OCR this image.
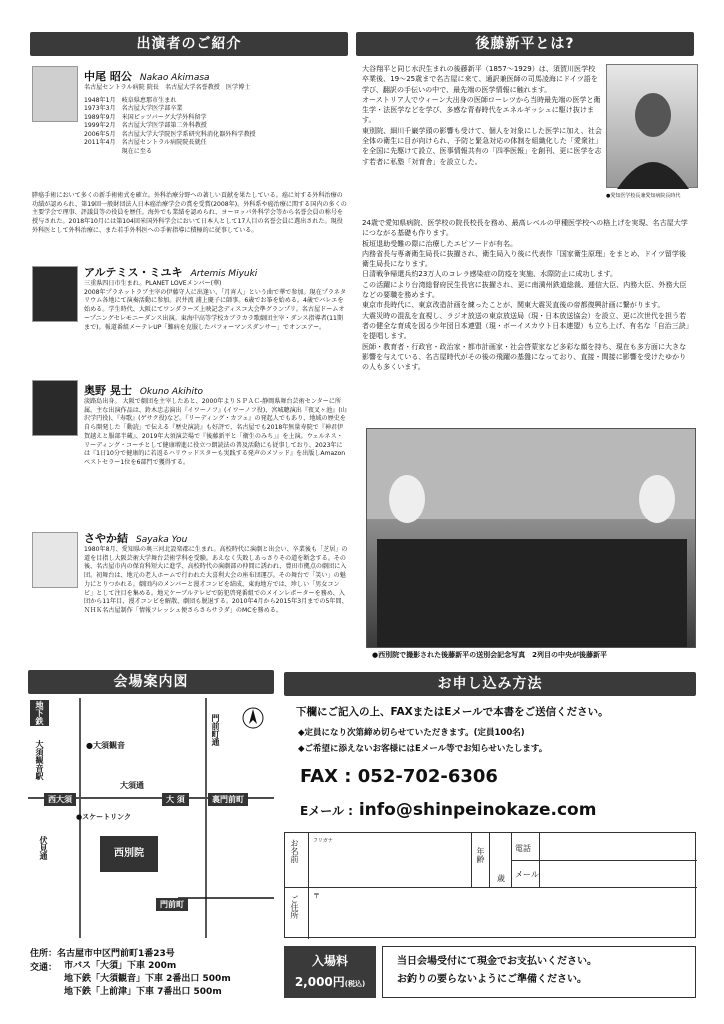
出演者のご紹介	後藤新平とは?
中尾 昭公 Nakao Akimasa
名古屋セントラル病院 院長　名古屋大学名誉教授　医学博士
1948年1月	岐阜県恵那市生まれ
1973年3月	名古屋大学医学部卒業
1989年9月	米国ピッツバーグ大学外科留学
1999年2月	名古屋大学医学部第二外科教授
2006年5月	名古屋大学大学院医学系研究科消化器外科学教授
2011年4月	名古屋セントラル病院院長就任
	現在に至る
膵癌手術において多くの新手術術式を確立。外科治療分野への著しい貢献を果たしている。癌に対する外科治療の功績が認められ、第19回一般財団法人日本癌治療学会の賞を受賞(2008年)。外科系や癌治療に関する国内の多くの主要学会で理事、評議員等の役員を歴任。海外でも業績を認められ、ヨーロッパ外科学会等から名誉会員の称号を授与された。2018年10月には第104回米国外科学会において日本人として17人目の名誉会員に選出された。現役外科医として外科治療に、また若手外科医への手術指導に積極的に従事している。
アルテミス・ミユキ Artemis Miyuki
三重県四日市生まれ。PLANET LOVEメンバー(華)
2008年プラネットラブ主宰の伊藤守人に出逢い、「月宵人」という曲で華で参加。現在プラネタリウム各地にて演奏活動に参加。沢井流 浦上慶子に師事。6歳でお筝を始める。4歳でバレエを始める。学生時代、大阪にてワンダラーズ上映記念ディスコ大会準グランプリ。名古屋ドームオープニングセレモニーダンス出演。東海中高等学校カブラカラ歌劇団主宰・ダンス指導者(11期まで)。報道番組メーテレUP「難病を克服したパフォーマンスダンサー」でオンエアー。
奥野 晃士 Okuno Akihito
淡路島出身。 大阪で劇団を主宰したあと、2000年よりＳＰＡＣ-静岡県舞台芸術センターに所属。主な出演作品は、鈴木忠志演出『イワーノフ』(イワーノフ役)、宮城聰演出『夜叉ヶ池』(山沢学円役)、『寿歌』(ゲサク役)など。『リーディング・カフェ』の発起人でもあり、地域の歴史を自ら開発した「動読」で伝える『歴史演読』も好評で、名古屋でも2018年無量寿院で『神君伊賀越えと服部半蔵』、2019年大須演芸場で『後藤新平と「衛生のみち」』を上演。ウェルネス・リーディング・コーチとして健康増進に役立つ朗読法の普及活動にも従事しており、2023年には『1日10分で健康的に若返るハリウッドスターも実践する発声のメソッド』を出版しAmazonベストセラー1位を6部門で獲得する。
さやか結 Sayaka You
1980年8月、愛知県の奥三河北設楽郡に生まれ。高校時代に演劇と出会い、卒業後も「芝居」の道を目指し大阪芸術大学舞台芸術学科を受験。あえなく失敗しあっさりその道を断念する。その後、名古屋市内の保育科短大に進学、高校時代の演劇部の仲間に誘われ、豊田市拠点の劇団に入団。初舞台は、地元の老人ホームで行われた大喜利大会の座布団運び。その舞台で「笑い」の魅力にとりつかれる。劇団内のメンバーと漫才コンビを結成、東海地方では、珍しい「男女コンビ」として注目を集める。地元ケーブルテレビで防犯啓発番組でのメインレポーターを務め、入団から11年目、漫才コンビを解散、劇団も脱退する。2010年4月から2015年3月までの5年間、ＮＨＫ名古屋制作「情報フレッシュ便さらさらサラダ」のMCを務める。
大谷翔平と同じ水沢生まれの後藤新平（1857〜1929）は、須賀川医学校卒業後、19〜25歳まで名古屋に来て、通訳兼医師の司馬凌海にドイツ語を学び、翻訳の手伝いの中で、最先端の医学情報に触れます。
オーストリア人でウィーン大出身の医師ローレツから当時最先端の医学と衛生学・法医学などを学び、多感な青春時代をエネルギッシュに駆け抜けます。
東別院、細川千巌学頭の影響も受けて、個人を対象にした医学に加え、社会全体の衛生に目が向けられ、予防と緊急対応の体制を組織化した「愛衆社」を全国に先駆けて設立、医事情報共有の「四季医報」を創刊、更に医学を志す若者に私塾「対育舎」を設立した。
●愛知医学校長兼愛知病院長時代
24歳で愛知県病院、医学校の院長校長を務め、最高レベルの甲種医学校への格上げを実現、名古屋大学につながる基礎も作ります。
板垣退助受難の際に治療したエピソードが有名。
内務省長与専斎衛生局長に抜擢され、衛生局入り後に代表作「国家衛生原理」をまとめ、ドイツ留学後衛生局長になります。
日清戦争帰還兵約23万人のコレラ感染症の防疫を実施、水際防止に成功します。
この活躍により台湾総督府民生長官に抜擢され、更に南満州鉄道総裁、逓信大臣、内務大臣、外務大臣などの要職を務めます。
東京市長時代に、東京改造計画を練ったことが、関東大震災直後の帝都復興計画に繋がります。
大震災時の混乱を直視し、ラジオ放送の東京放送局（現・日本放送協会）を設立、更に次世代を担う若者の健全な育成を図る少年団日本連盟（現・ボーイスカウト日本連盟）も立ち上げ、有名な「自治三訣」を提唱します。
医師・教育者・行政官・政治家・都市計画家・社会啓蒙家など多彩な顔を持ち、現在も多方面に大きな影響を与えている、名古屋時代がその後の飛躍の基盤になっており、直接・間接に影響を受けたゆかりの人も多くいます。
●西別院で撮影された後藤新平の送別会記念写真　2列目の中央が後藤新平
会場案内図
地下鉄
大須観音駅	●大須観音	門前町通
大須通
西大須	大 須	裏門前町
●スケートリンク
伏見通	西別院
門前町
住所：名古屋市中区門前町1番23号
交通： 市バス「大須」下車 200m
地下鉄「大須観音」下車 2番出口 500m
地下鉄「上前津」下車 7番出口 500m
お申し込み方法
下欄にご記入の上、FAXまたはEメールで本書をご送信ください。
◆定員になり次第締め切らせていただきます。(定員100名)
◆ご希望に添えないお客様にはEメール等でお知らせいたします。
FAX : 052-702-6306
Eメール : info@shinpeinokaze.com
お名前	フリガナ
年齢
歳
電話
メール
ご住所 〒
入場料
2,000円(税込)
当日会場受付にて現金でお支払いください。
お釣りの要らないようにご準備ください。
